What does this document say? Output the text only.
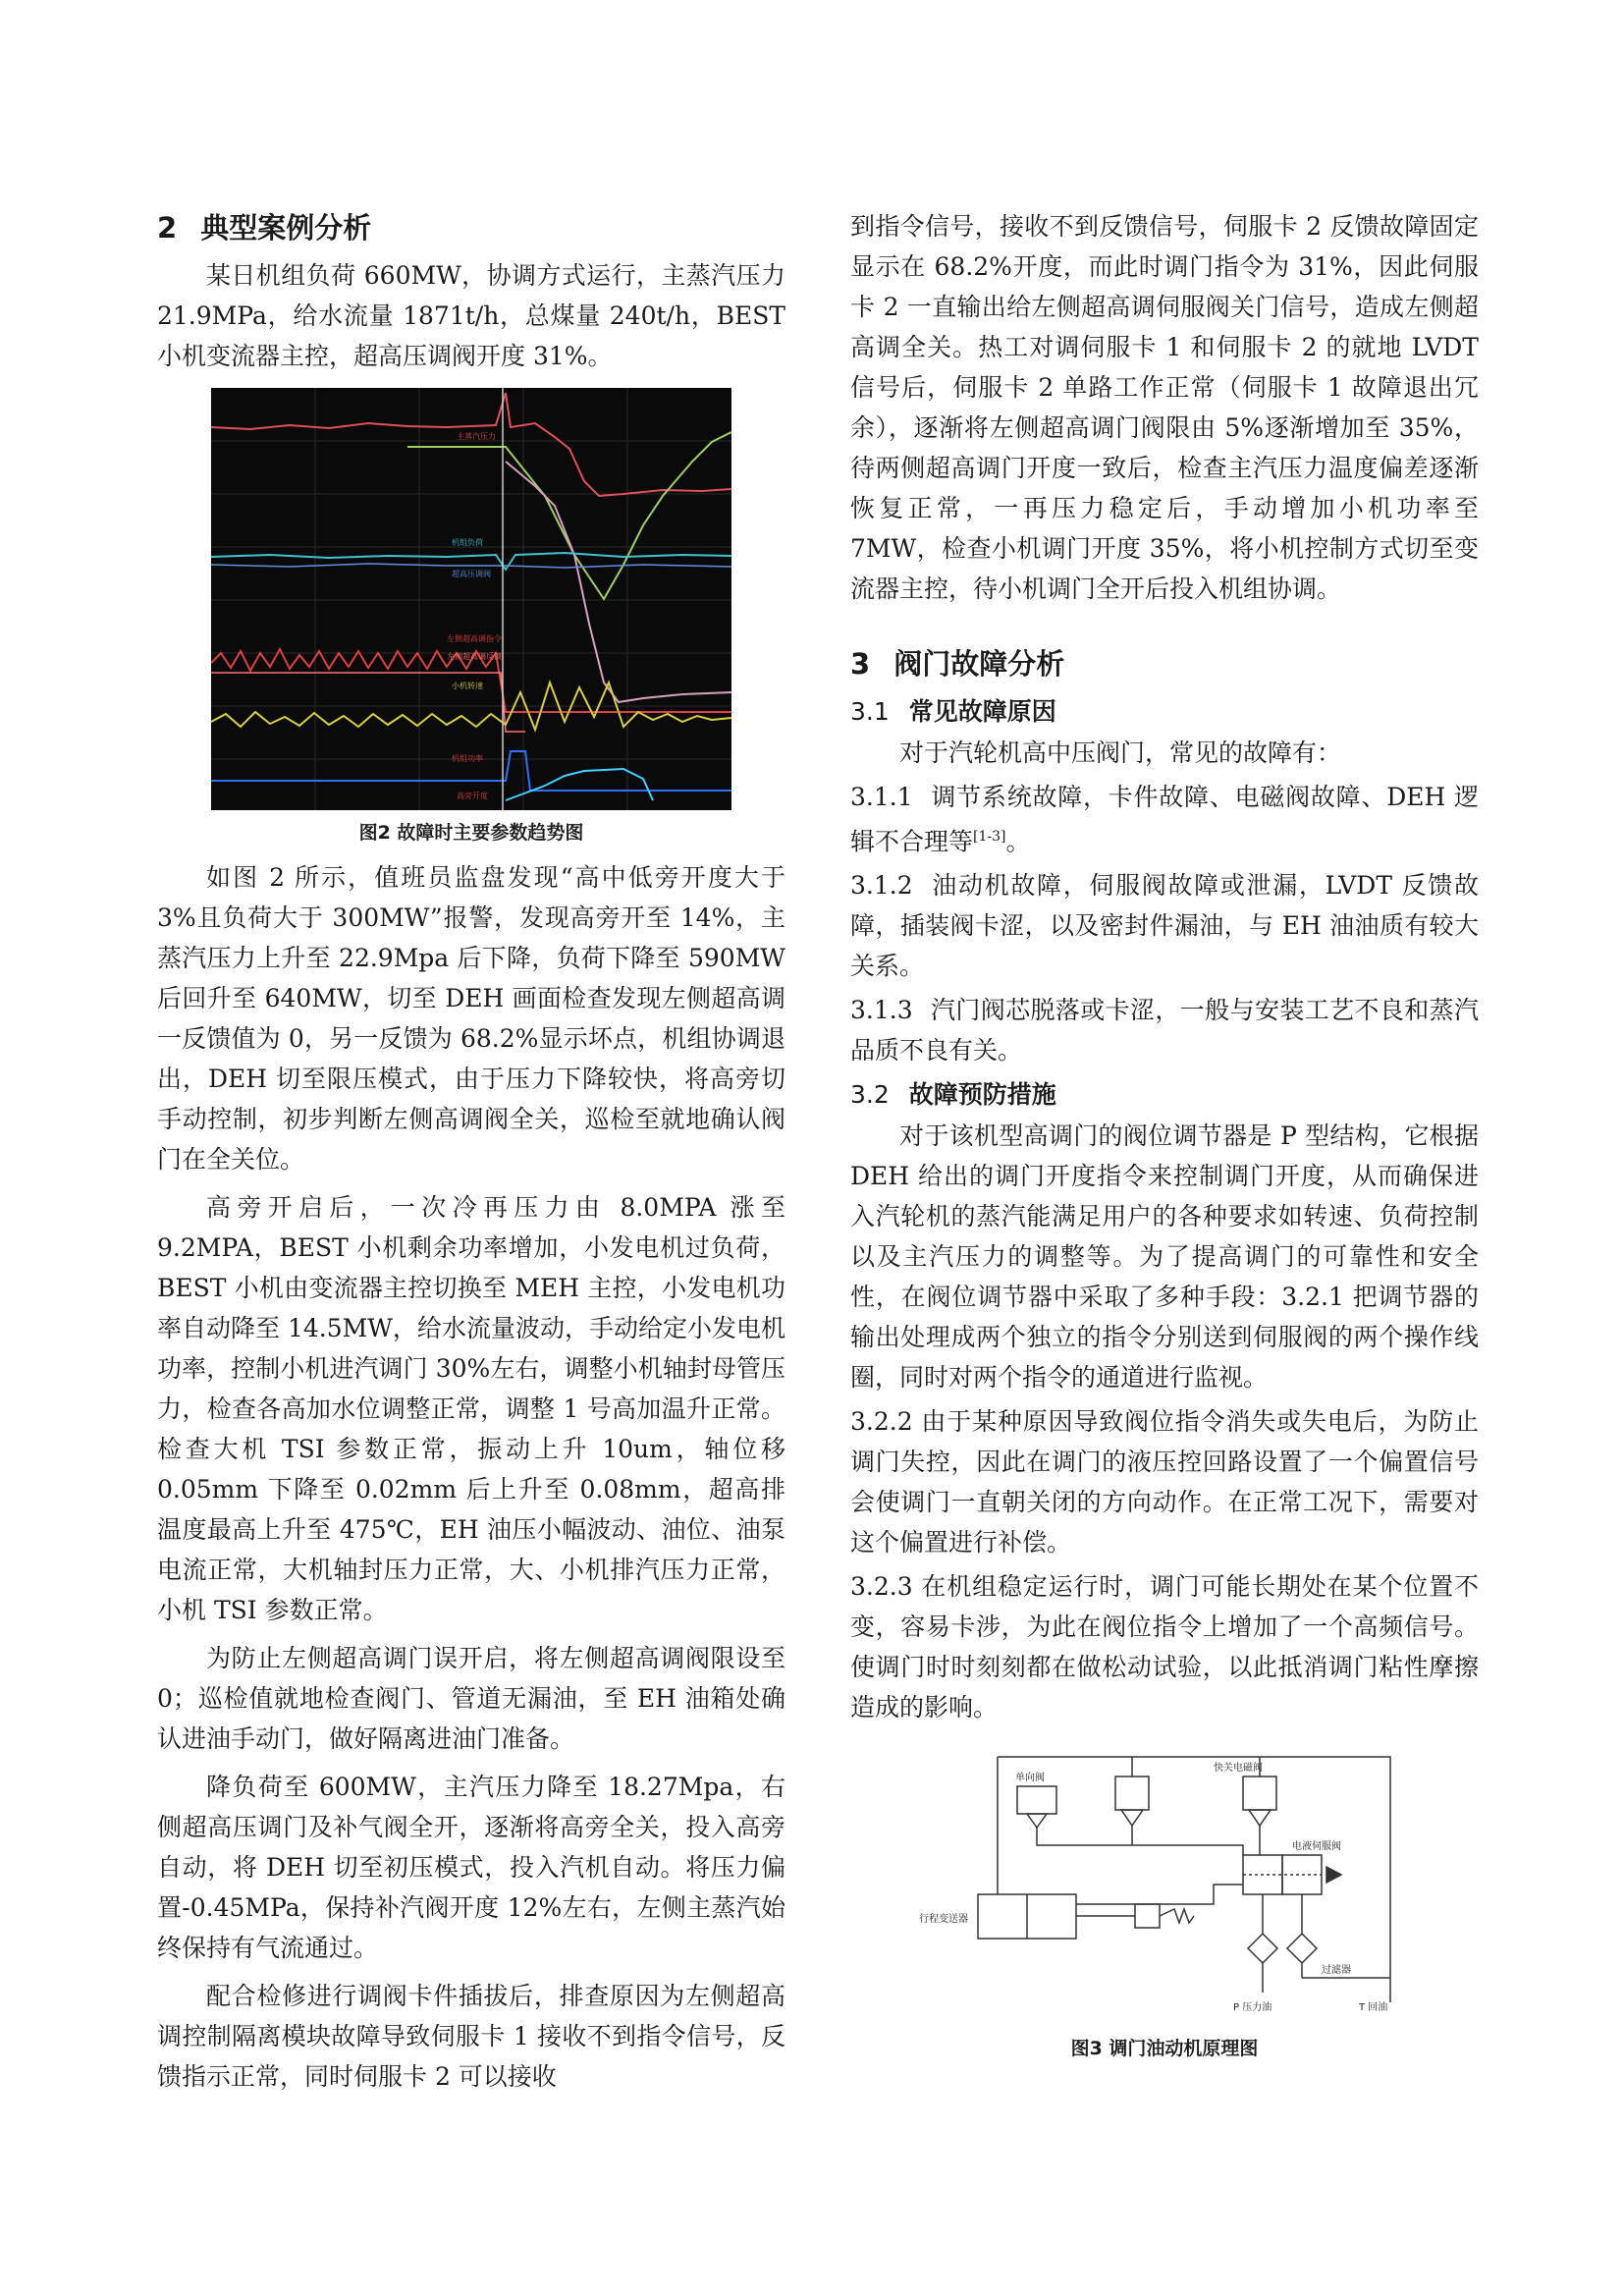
2 典型案例分析

某日机组负荷 660MW，协调方式运行，主蒸汽压力 21.9MPa，给水流量 1871t/h，总煤量 240t/h，BEST 小机变流器主控，超高压调阀开度 31%。

主蒸汽压力
机组负荷
超高压调阀
左侧超高调指令
左侧超高调反馈
小机转速
机组功率
高旁开度
图2 故障时主要参数趋势图

如图 2 所示，值班员监盘发现“高中低旁开度大于 3%且负荷大于 300MW”报警，发现高旁开至 14%，主蒸汽压力上升至 22.9Mpa 后下降，负荷下降至 590MW 后回升至 640MW，切至 DEH 画面检查发现左侧超高调一反馈值为 0，另一反馈为 68.2%显示坏点，机组协调退出，DEH 切至限压模式，由于压力下降较快，将高旁切手动控制，初步判断左侧高调阀全关，巡检至就地确认阀门在全关位。

高旁开启后，一次冷再压力由 8.0MPA 涨至 9.2MPA，BEST 小机剩余功率增加，小发电机过负荷，BEST 小机由变流器主控切换至 MEH 主控，小发电机功率自动降至 14.5MW，给水流量波动，手动给定小发电机功率，控制小机进汽调门 30%左右，调整小机轴封母管压力，检查各高加水位调整正常，调整 1 号高加温升正常。检查大机 TSI 参数正常，振动上升 10um，轴位移 0.05mm 下降至 0.02mm 后上升至 0.08mm，超高排温度最高上升至 475℃，EH 油压小幅波动、油位、油泵电流正常，大机轴封压力正常，大、小机排汽压力正常，小机 TSI 参数正常。

为防止左侧超高调门误开启，将左侧超高调阀限设至 0；巡检值就地检查阀门、管道无漏油，至 EH 油箱处确认进油手动门，做好隔离进油门准备。

降负荷至 600MW，主汽压力降至 18.27Mpa，右侧超高压调门及补气阀全开，逐渐将高旁全关，投入高旁自动，将 DEH 切至初压模式，投入汽机自动。将压力偏置-0.45MPa，保持补汽阀开度 12%左右，左侧主蒸汽始终保持有气流通过。

配合检修进行调阀卡件插拔后，排查原因为左侧超高调控制隔离模块故障导致伺服卡 1 接收不到指令信号，反馈指示正常，同时伺服卡 2 可以接收

到指令信号，接收不到反馈信号，伺服卡 2 反馈故障固定显示在 68.2%开度，而此时调门指令为 31%，因此伺服卡 2 一直输出给左侧超高调伺服阀关门信号，造成左侧超高调全关。热工对调伺服卡 1 和伺服卡 2 的就地 LVDT 信号后，伺服卡 2 单路工作正常（伺服卡 1 故障退出冗余），逐渐将左侧超高调门阀限由 5%逐渐增加至 35%，待两侧超高调门开度一致后，检查主汽压力温度偏差逐渐恢复正常，一再压力稳定后，手动增加小机功率至 7MW，检查小机调门开度 35%，将小机控制方式切至变流器主控，待小机调门全开后投入机组协调。

3 阀门故障分析
3.1 常见故障原因

对于汽轮机高中压阀门，常见的故障有：

3.1.1 调节系统故障，卡件故障、电磁阀故障、DEH 逻辑不合理等[1-3]。

3.1.2 油动机故障，伺服阀故障或泄漏，LVDT 反馈故障，插装阀卡涩，以及密封件漏油，与 EH 油油质有较大关系。

3.1.3 汽门阀芯脱落或卡涩，一般与安装工艺不良和蒸汽品质不良有关。

3.2 故障预防措施

对于该机型高调门的阀位调节器是 P 型结构，它根据 DEH 给出的调门开度指令来控制调门开度，从而确保进入汽轮机的蒸汽能满足用户的各种要求如转速、负荷控制以及主汽压力的调整等。为了提高调门的可靠性和安全性，在阀位调节器中采取了多种手段：3.2.1 把调节器的输出处理成两个独立的指令分别送到伺服阀的两个操作线圈，同时对两个指令的通道进行监视。

3.2.2 由于某种原因导致阀位指令消失或失电后，为防止调门失控，因此在调门的液压控回路设置了一个偏置信号会使调门一直朝关闭的方向动作。在正常工况下，需要对这个偏置进行补偿。

3.2.3 在机组稳定运行时，调门可能长期处在某个位置不变，容易卡涉，为此在阀位指令上增加了一个高频信号。使调门时时刻刻都在做松动试验，以此抵消调门粘性摩擦造成的影响。

单向阀
快关电磁阀
电液伺服阀
行程变送器
过滤器
P 压力油	T 回油
图3 调门油动机原理图
